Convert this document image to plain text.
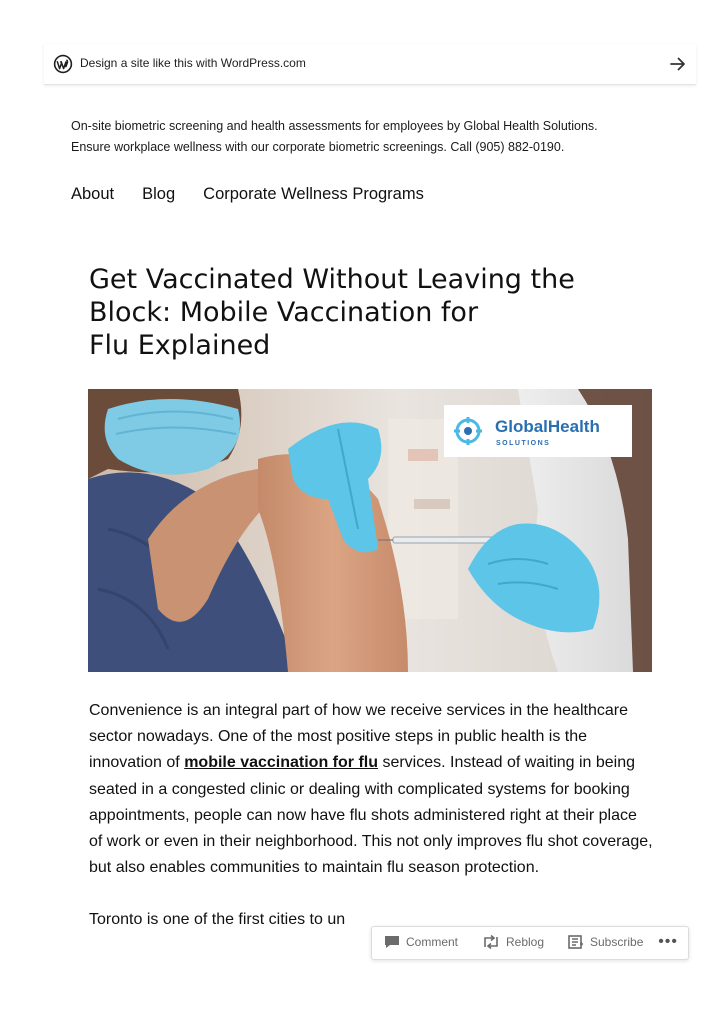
Design a site like this with WordPress.com

On-site biometric screening and health assessments for employees by Global Health Solutions.

Ensure workplace wellness with our corporate biometric screenings. Call (905) 882-0190.

About Blog Corporate Wellness Programs
Get Vaccinated Without Leaving the
Block: Mobile Vaccination for
Flu Explained
GlobalHealth
SOLUTIONS

Convenience is an integral part of how we receive services in the healthcare sector nowadays. One of the most positive steps in public health is the innovation of mobile vaccination for flu services. Instead of waiting in being seated in a congested clinic or dealing with complicated systems for booking appointments, people can now have flu shots administered right at their place of work or even in their neighborhood. This not only improves flu shot coverage, but also enables communities to maintain flu season protection.

Toronto is one of the first cities to un

Comment	Reblog	Subscribe •••
